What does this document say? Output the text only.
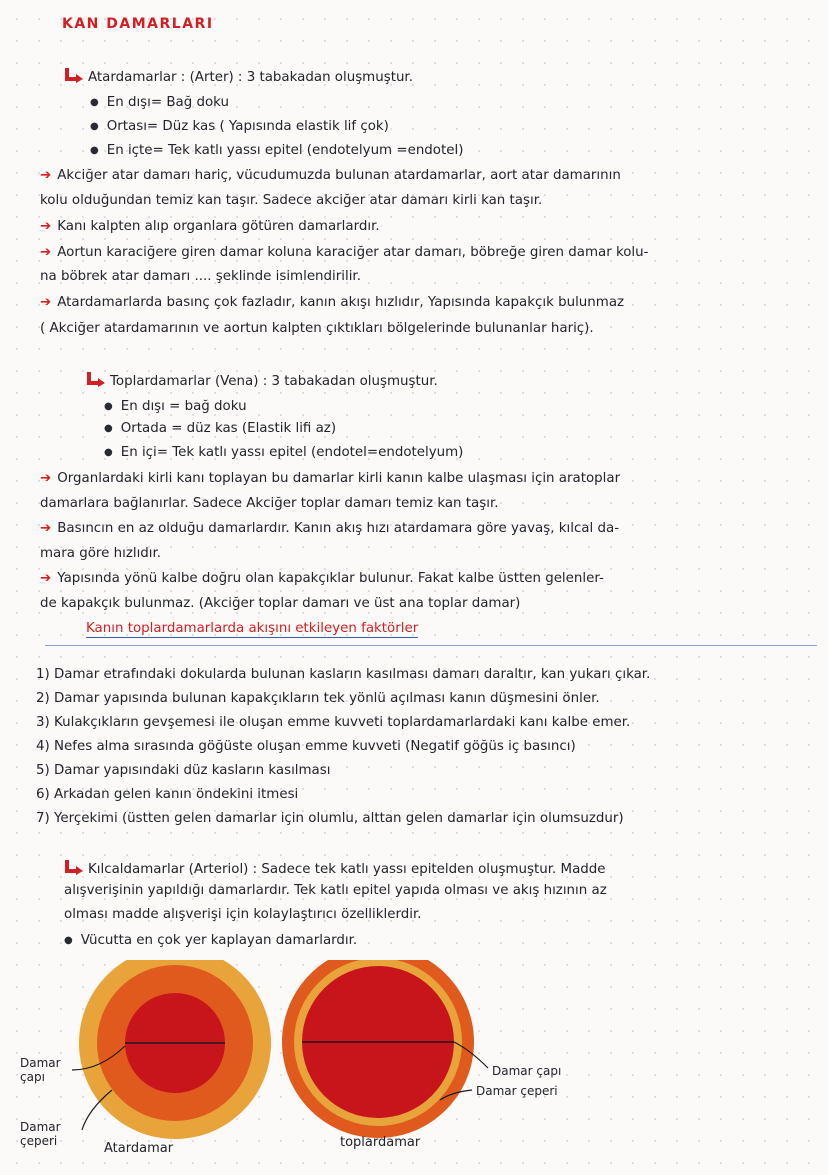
KAN DAMARLARI
Atardamarlar : (Arter) : 3 tabakadan oluşmuştur.
● En dışı= Bağ doku
● Ortası= Düz kas ( Yapısında elastik lif çok)
● En içte= Tek katlı yassı epitel (endotelyum =endotel)
➔ Akciğer atar damarı hariç, vücudumuzda bulunan atardamarlar, aort atar damarının
kolu olduğundan temiz kan taşır. Sadece akciğer atar damarı kirli kan taşır.
➔ Kanı kalpten alıp organlara götüren damarlardır.
➔ Aortun karaciğere giren damar koluna karaciğer atar damarı, böbreğe giren damar kolu-
na böbrek atar damarı .... şeklinde isimlendirilir.
➔ Atardamarlarda basınç çok fazladır, kanın akışı hızlıdır, Yapısında kapakçık bulunmaz
( Akciğer atardamarının ve aortun kalpten çıktıkları bölgelerinde bulunanlar hariç).
Toplardamarlar (Vena) : 3 tabakadan oluşmuştur.
● En dışı = bağ doku
● Ortada = düz kas (Elastik lifi az)
● En içi= Tek katlı yassı epitel (endotel=endotelyum)
➔ Organlardaki kirli kanı toplayan bu damarlar kirli kanın kalbe ulaşması için aratoplar
damarlara bağlanırlar. Sadece Akciğer toplar damarı temiz kan taşır.
➔ Basıncın en az olduğu damarlardır. Kanın akış hızı atardamara göre yavaş, kılcal da-
mara göre hızlıdır.
➔ Yapısında yönü kalbe doğru olan kapakçıklar bulunur. Fakat kalbe üstten gelenler-
de kapakçık bulunmaz. (Akciğer toplar damarı ve üst ana toplar damar)
Kanın toplardamarlarda akışını etkileyen faktörler
1) Damar etrafındaki dokularda bulunan kasların kasılması damarı daraltır, kan yukarı çıkar.
2) Damar yapısında bulunan kapakçıkların tek yönlü açılması kanın düşmesini önler.
3) Kulakçıkların gevşemesi ile oluşan emme kuvveti toplardamarlardaki kanı kalbe emer.
4) Nefes alma sırasında göğüste oluşan emme kuvveti (Negatif göğüs iç basıncı)
5) Damar yapısındaki düz kasların kasılması
6) Arkadan gelen kanın öndekini itmesi
7) Yerçekimi (üstten gelen damarlar için olumlu, alttan gelen damarlar için olumsuzdur)
Kılcaldamarlar (Arteriol) : Sadece tek katlı yassı epitelden oluşmuştur. Madde
alışverişinin yapıldığı damarlardır. Tek katlı epitel yapıda olması ve akış hızının az
olması madde alışverişi için kolaylaştırıcı özelliklerdir.
● Vücutta en çok yer kaplayan damarlardır.
Damar çapı
Damar çeperi	Atardamar
Damar çapı
Damar çeperi
toplardamar
